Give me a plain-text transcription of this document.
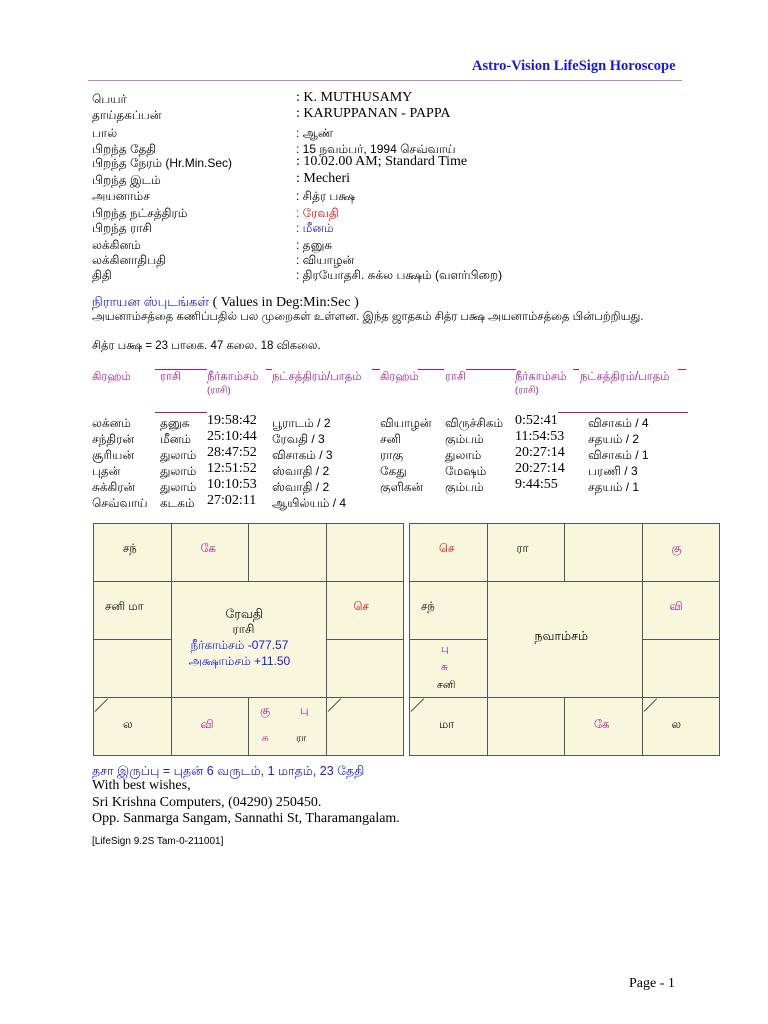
Astro-Vision LifeSign Horoscope
பெயர்	: K. MUTHUSAMY
தாய்தகப்பன்	: KARUPPANAN - PAPPA
பால்	: ஆண்
பிறந்த தேதி	: 15 நவம்பர், 1994 செவ்வாய்
பிறந்த நேரம் (Hr.Min.Sec)	: 10.02.00 AM; Standard Time
பிறந்த இடம்	: Mecheri
அயனாம்ச	: சித்ர பக்ஷ
பிறந்த நட்சத்திரம்	: ரேவதி
பிறந்த ராசி	: மீனம்
லக்கினம்	: தனுசு
லக்கினாதிபதி	: வியாழன்
திதி	: திரயோதசி. சுக்ல பக்ஷம் (வளர்பிறை)
நிராயன ஸ்புடங்கள் ( Values in Deg:Min:Sec )
அயனாம்சத்தை கணிப்பதில் பல முறைகள் உள்ளன. இந்த ஜாதகம் சித்ர பக்ஷ அயனாம்சத்தை பின்பற்றியது.
சித்ர பக்ஷ = 23 பாகை. 47 கலை. 18 விகலை.
கிரஹம்	ராசி நீர்காம்சம்
(ராசி)
நட்சத்திரம்/பாதம் கிரஹம் ராசி	நீர்காம்சம்
(ராசி)
நட்சத்திரம்/பாதம்
லக்னம் தனுசு 19:58:42 பூராடம் / 2
சந்திரன் மீனம் 25:10:44 ரேவதி / 3
சூரியன் துலாம் 28:47:52 விசாகம் / 3
புதன்	துலாம் 12:51:52 ஸ்வாதி / 2
சுக்கிரன் துலாம் 10:10:53 ஸ்வாதி / 2
செவ்வாய் கடகம் 27:02:11 ஆயில்யம் / 4
வியாழன் விருச்சிகம் 0:52:41	விசாகம் / 4
சனி	கும்பம் 11:54:53 சதயம் / 2
ராகு	துலாம் 20:27:14 விசாகம் / 1
கேது	மேஷம் 20:27:14 பரணி / 3
குளிகன் கும்பம் 9:44:55	சதயம் / 1
சந்	கே
சனி மா	செ
ல	வி
கு	பு
சு	ரா
ரேவதி
ராசி
நீர்காம்சம் -077.57
அக்ஷாம்சம் +11.50
செ	ரா	கு
சந்	வி
மா	கே	ல
பு
சு
சனி
நவாம்சம்
தசா இருப்பு = புதன் 6 வருடம், 1 மாதம், 23 தேதி
With best wishes,
Sri Krishna Computers, (04290) 250450.
Opp. Sanmarga Sangam, Sannathi St, Tharamangalam.
[LifeSign 9.2S Tam-0-211001]
Page - 1
